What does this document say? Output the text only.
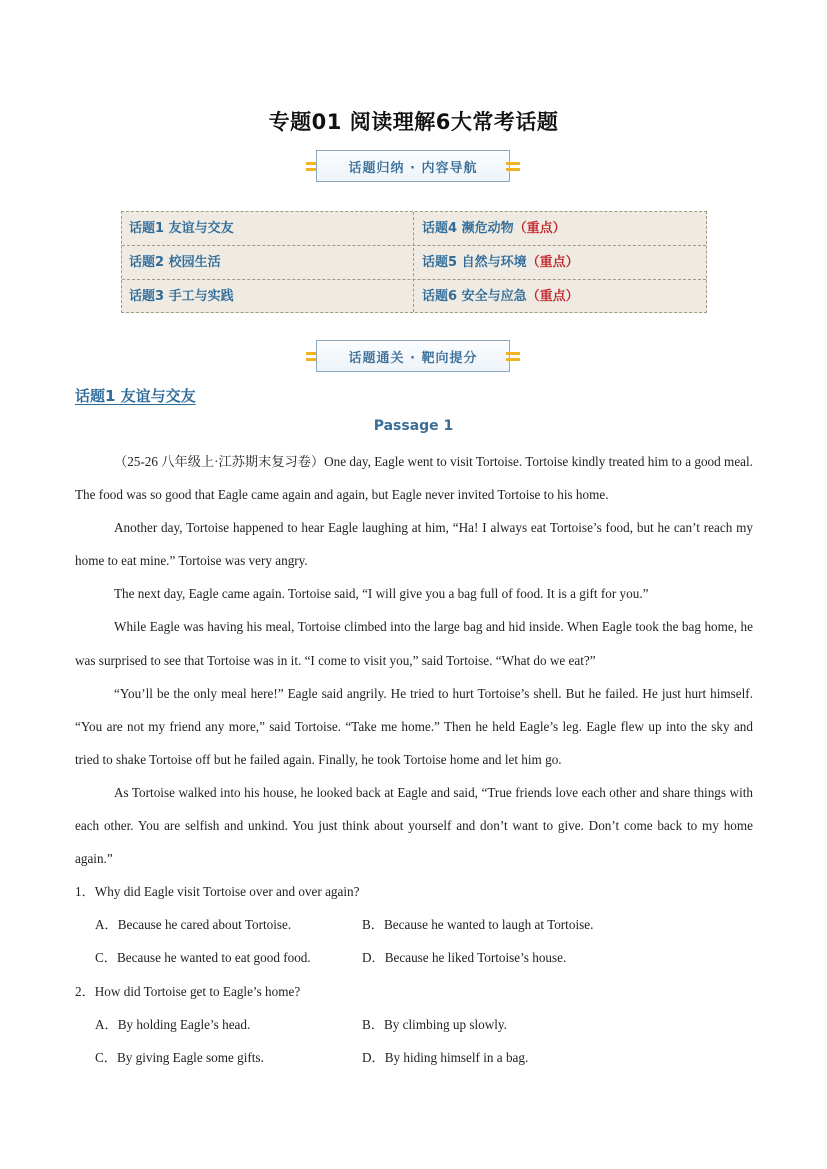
专题01 阅读理解6大常考话题
话题归纳 · 内容导航
话题1 友谊与交友	话题4 濒危动物（重点）
话题2 校园生活	话题5 自然与环境（重点）
话题3 手工与实践	话题6 安全与应急（重点）
话题通关 · 靶向提分
话题1 友谊与交友
Passage 1

（25-26 八年级上·江苏期末复习卷）One day, Eagle went to visit Tortoise. Tortoise kindly treated him to a good meal. The food was so good that Eagle came again and again, but Eagle never invited Tortoise to his home.

Another day, Tortoise happened to hear Eagle laughing at him, “Ha! I always eat Tortoise’s food, but he can’t reach my home to eat mine.” Tortoise was very angry.

The next day, Eagle came again. Tortoise said, “I will give you a bag full of food. It is a gift for you.”

While Eagle was having his meal, Tortoise climbed into the large bag and hid inside. When Eagle took the bag home, he was surprised to see that Tortoise was in it. “I come to visit you,” said Tortoise. “What do we eat?”

“You’ll be the only meal here!” Eagle said angrily. He tried to hurt Tortoise’s shell. But he failed. He just hurt himself. “You are not my friend any more,” said Tortoise. “Take me home.” Then he held Eagle’s leg. Eagle flew up into the sky and tried to shake Tortoise off but he failed again. Finally, he took Tortoise home and let him go.

As Tortoise walked into his house, he looked back at Eagle and said, “True friends love each other and share things with each other. You are selfish and unkind. You just think about yourself and don’t want to give. Don’t come back to my home again.”

1．Why did Eagle visit Tortoise over and over again?
A．Because he cared about Tortoise.	B．Because he wanted to laugh at Tortoise.
C．Because he wanted to eat good food.	D．Because he liked Tortoise’s house.
2．How did Tortoise get to Eagle’s home?
A．By holding Eagle’s head.	B．By climbing up slowly.
C．By giving Eagle some gifts.	D．By hiding himself in a bag.
